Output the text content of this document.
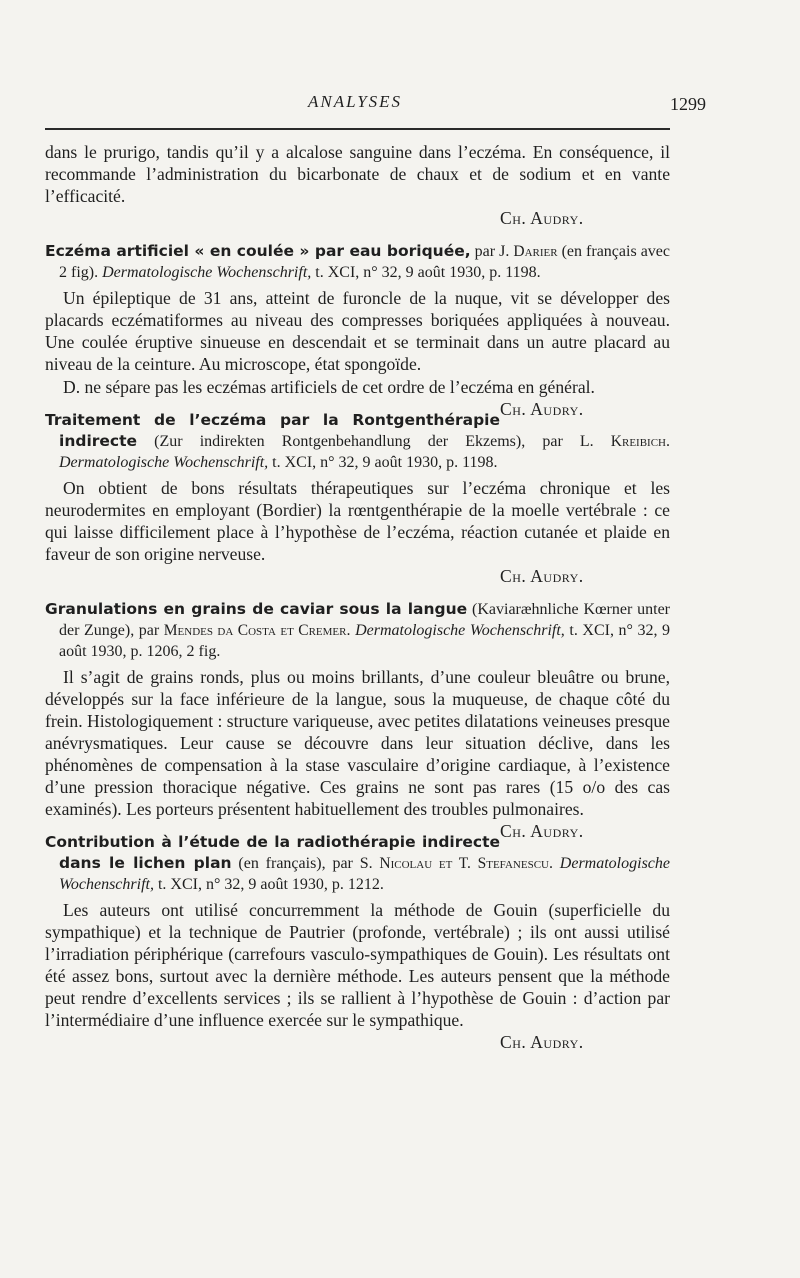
ANALYSES	1299

dans le prurigo, tandis qu’il y a alcalose sanguine dans l’eczéma. En conséquence, il recommande l’administration du bicarbonate de chaux et de sodium et en vante l’efficacité.

Ch. Audry.

Eczéma artificiel « en coulée » par eau boriquée, par J. Darier (en français avec 2 fig). Dermatologische Wochenschrift, t. XCI, n° 32, 9 août 1930, p. 1198.

Un épileptique de 31 ans, atteint de furoncle de la nuque, vit se développer des placards eczématiformes au niveau des compresses boriquées appliquées à nouveau. Une coulée éruptive sinueuse en descendait et se terminait dans un autre placard au niveau de la ceinture. Au microscope, état spongoïde.

D. ne sépare pas les eczémas artificiels de cet ordre de l’eczéma en général.
Ch. Audry.

Traitement de l’eczéma par la Rontgenthérapie indirecte (Zur indirekten Rontgenbehandlung der Ekzems), par L. Kreibich. Dermatologische Wochenschrift, t. XCI, n° 32, 9 août 1930, p. 1198.

On obtient de bons résultats thérapeutiques sur l’eczéma chronique et les neurodermites en employant (Bordier) la rœntgenthérapie de la moelle vertébrale : ce qui laisse difficilement place à l’hypothèse de l’eczéma, réaction cutanée et plaide en faveur de son origine nerveuse.

Ch. Audry.

Granulations en grains de caviar sous la langue (Kaviaræhnliche Kœrner unter der Zunge), par Mendes da Costa et Cremer. Dermatologische Wochenschrift, t. XCI, n° 32, 9 août 1930, p. 1206, 2 fig.

Il s’agit de grains ronds, plus ou moins brillants, d’une couleur bleuâtre ou brune, développés sur la face inférieure de la langue, sous la muqueuse, de chaque côté du frein. Histologiquement : structure variqueuse, avec petites dilatations veineuses presque anévrysmatiques. Leur cause se découvre dans leur situation déclive, dans les phénomènes de compensation à la stase vasculaire d’origine cardiaque, à l’existence d’une pression thoracique négative. Ces grains ne sont pas rares (15 o/o des cas examinés). Les porteurs présentent habituellement des troubles pulmonaires.
Ch. Audry.

Contribution à l’étude de la radiothérapie indirecte dans le lichen plan (en français), par S. Nicolau et T. Stefanescu. Dermatologische Wochenschrift, t. XCI, n° 32, 9 août 1930, p. 1212.

Les auteurs ont utilisé concurremment la méthode de Gouin (superficielle du sympathique) et la technique de Pautrier (profonde, vertébrale) ; ils ont aussi utilisé l’irradiation périphérique (carrefours vasculo-sympathiques de Gouin). Les résultats ont été assez bons, surtout avec la dernière méthode. Les auteurs pensent que la méthode peut rendre d’excellents services ; ils se rallient à l’hypothèse de Gouin : d’action par l’intermédiaire d’une influence exercée sur le sympathique.

Ch. Audry.
